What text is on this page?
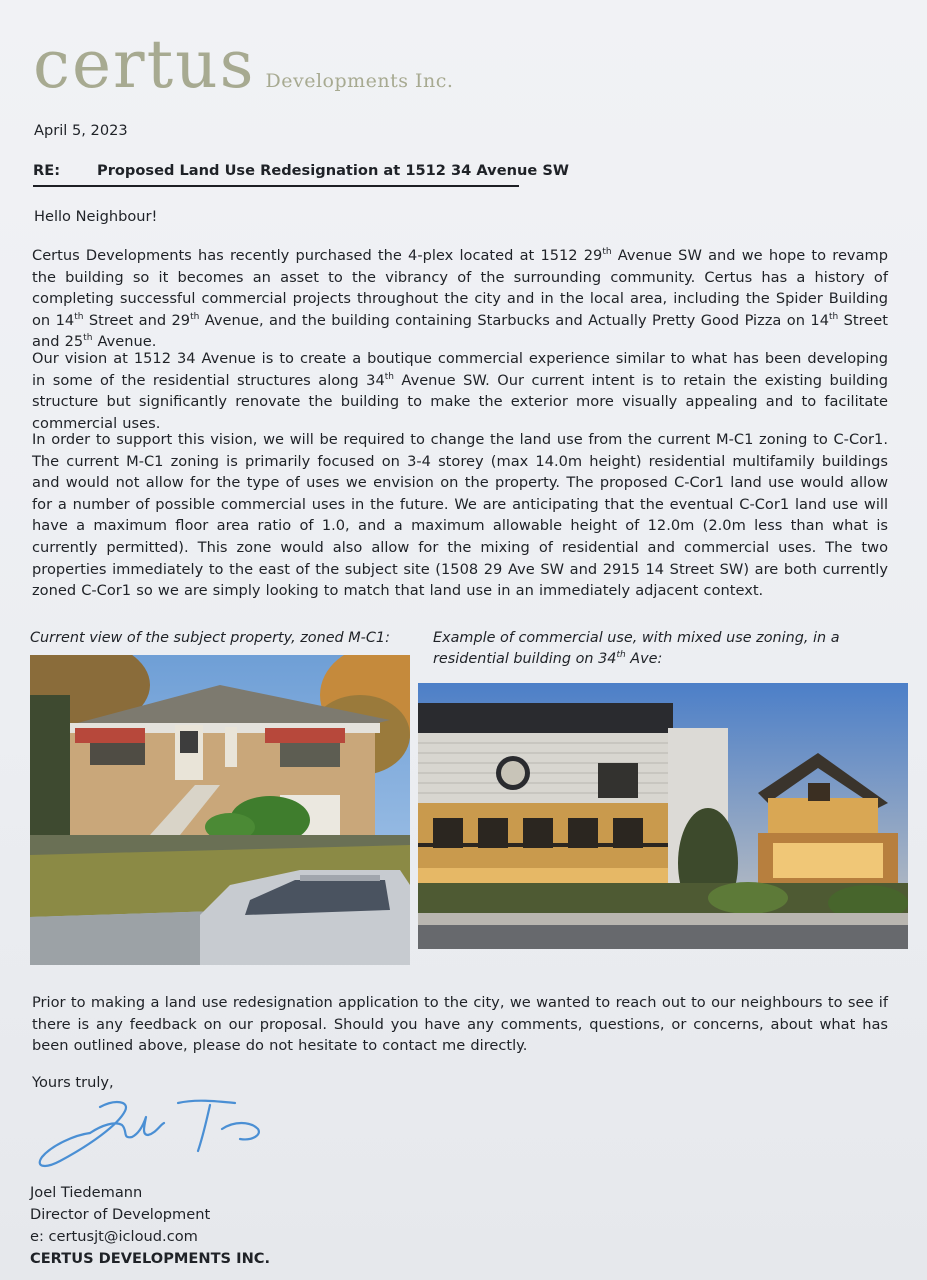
certus Developments Inc.
April 5, 2023
RE:	Proposed Land Use Redesignation at 1512 34 Avenue SW
Hello Neighbour!
Certus Developments has recently purchased the 4-plex located at 1512 29th Avenue SW and we hope to revamp the building so it becomes an asset to the vibrancy of the surrounding community. Certus has a history of completing successful commercial projects throughout the city and in the local area, including the Spider Building on 14th Street and 29th Avenue, and the building containing Starbucks and Actually Pretty Good Pizza on 14th Street and 25th Avenue.
Our vision at 1512 34 Avenue is to create a boutique commercial experience similar to what has been developing in some of the residential structures along 34th Avenue SW. Our current intent is to retain the existing building structure but significantly renovate the building to make the exterior more visually appealing and to facilitate commercial uses.
In order to support this vision, we will be required to change the land use from the current M-C1 zoning to C-Cor1. The current M-C1 zoning is primarily focused on 3-4 storey (max 14.0m height) residential multifamily buildings and would not allow for the type of uses we envision on the property. The proposed C-Cor1 land use would allow for a number of possible commercial uses in the future. We are anticipating that the eventual C-Cor1 land use will have a maximum floor area ratio of 1.0, and a maximum allowable height of 12.0m (2.0m less than what is currently permitted). This zone would also allow for the mixing of residential and commercial uses. The two properties immediately to the east of the subject site (1508 29 Ave SW and 2915 14 Street SW) are both currently zoned C-Cor1 so we are simply looking to match that land use in an immediately adjacent context.
Current view of the subject property, zoned M-C1:	Example of commercial use, with mixed use zoning, in a residential building on 34th Ave:
Prior to making a land use redesignation application to the city, we wanted to reach out to our neighbours to see if there is any feedback on our proposal. Should you have any comments, questions, or concerns, about what has been outlined above, please do not hesitate to contact me directly.
Yours truly,
Joel Tiedemann
Director of Development
e: certusjt@icloud.com
CERTUS DEVELOPMENTS INC.
